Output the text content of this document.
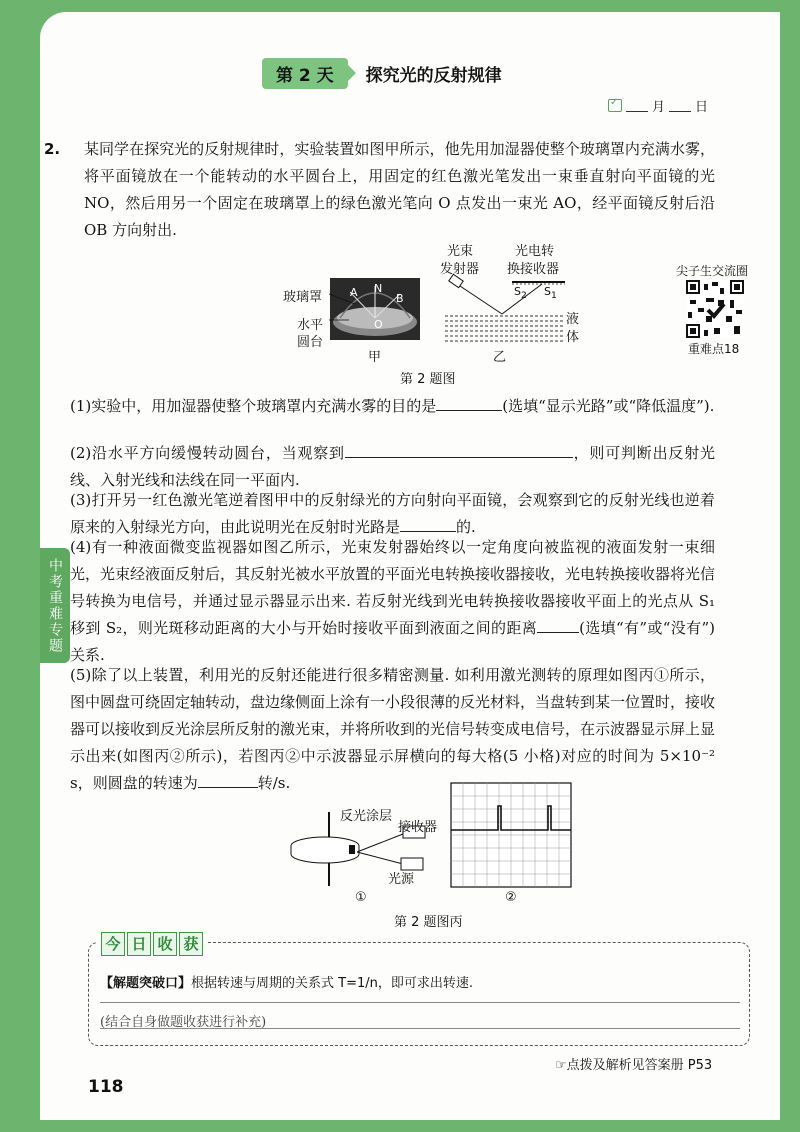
第 2 天	探究光的反射规律
✓
月 日
2. 某同学在探究光的反射规律时，实验装置如图甲所示，他先用加湿器使整个玻璃罩内充满水雾，将平面镜放在一个能转动的水平圆台上，用固定的红色激光笔发出一束垂直射向平面镜的光 NO，然后用另一个固定在玻璃罩上的绿色激光笔向 O 点发出一束光 AO，经平面镜反射后沿 OB 方向射出.
A N
B
O
玻璃罩
水平
圆台
甲
光束
发射器
光电转
换接收器
$S_2$ $S_1$
液
体
乙
第 2 题图
尖子生交流圈
重难点18
(1)实验中，用加湿器使整个玻璃罩内充满水雾的目的是	(选填“显示光路”或“降低温度”).
(2)沿水平方向缓慢转动圆台，当观察到	，则可判断出反射光线、入射光线和法线在同一平面内.
(3)打开另一红色激光笔逆着图甲中的反射绿光的方向射向平面镜，会观察到它的反射光线也逆着原来的入射绿光方向，由此说明光在反射时光路是	的.
(4)有一种液面微变监视器如图乙所示，光束发射器始终以一定角度向被监视的液面发射一束细光，光束经液面反射后，其反射光被水平放置的平面光电转换接收器接收，光电转换接收器将光信号转换为电信号，并通过显示器显示出来. 若反射光线到光电转换接收器接收平面上的光点从 S₁ 移到 S₂，则光斑移动距离的大小与开始时接收平面到液面之间的距离	(选填“有”或“没有”)关系.
(5)除了以上装置，利用光的反射还能进行很多精密测量. 如利用激光测转的原理如图丙①所示，图中圆盘可绕固定轴转动，盘边缘侧面上涂有一小段很薄的反光材料，当盘转到某一位置时，接收器可以接收到反光涂层所反射的激光束，并将所收到的光信号转变成电信号，在示波器显示屏上显示出来(如图丙②所示)，若图丙②中示波器显示屏横向的每大格(5 小格)对应的时间为 5×10⁻² s，则圆盘的转速为	转/s.
中考重难专题
反光涂层
接收器
光源
①	②
第 2 题图丙
今 日 收 获
【解题突破口】根据转速与周期的关系式 T=1/n，即可求出转速.
(结合自身做题收获进行补充)
☞点拨及解析见答案册 P53
118
